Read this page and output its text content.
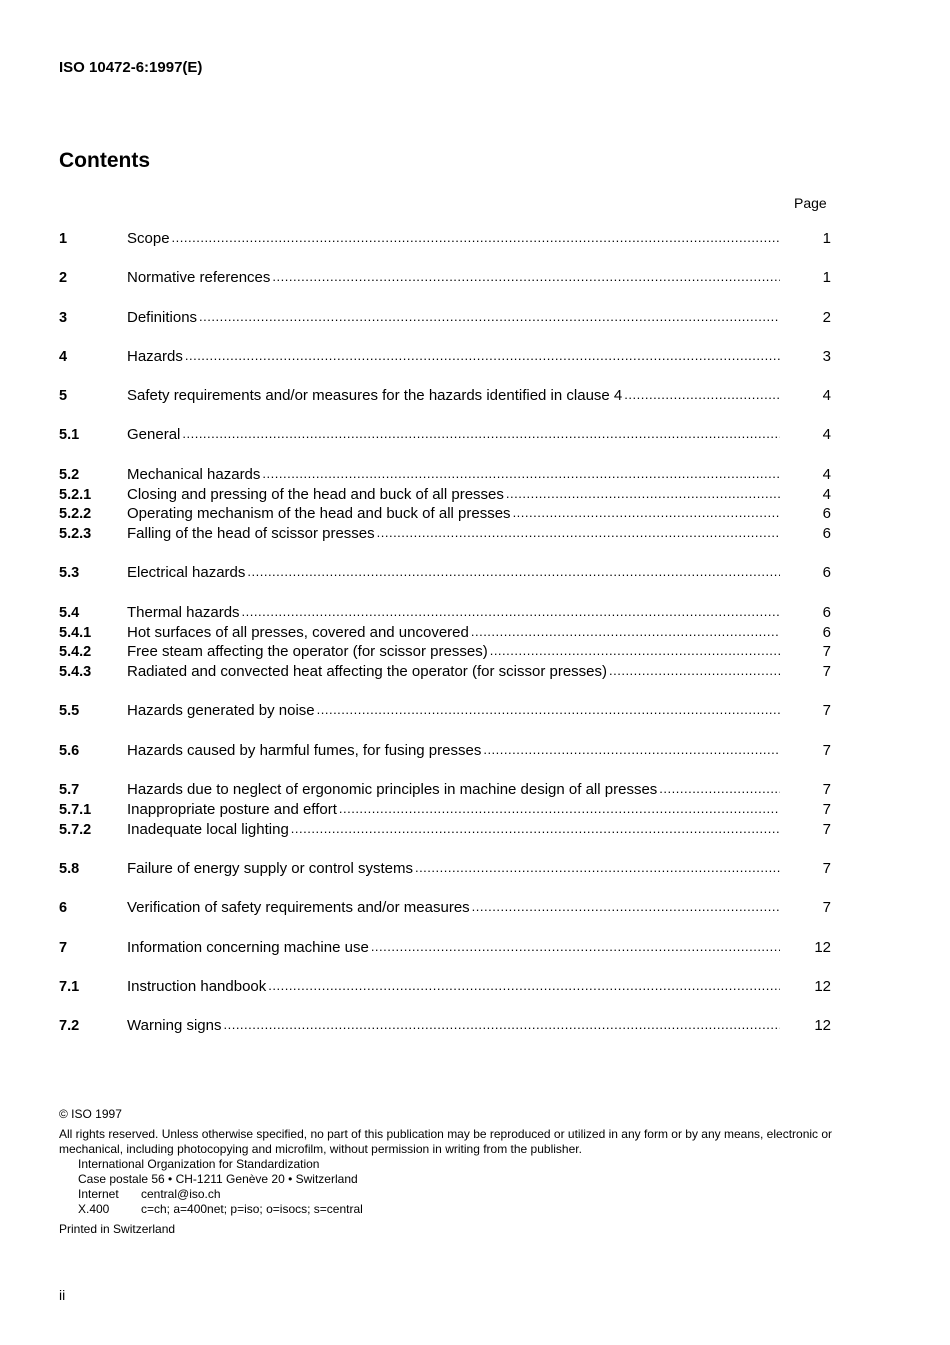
ISO 10472-6:1997(E)
Contents
Page
1	Scope .....	1
2	Normative references .....	1
3	Definitions .....	2
4	Hazards .....	3
5	Safety requirements and/or measures for the hazards identified in clause 4 .....	4
5.1	General .....	4
5.2	Mechanical hazards .....	4
5.2.1	Closing and pressing of the head and buck of all presses .....	4
5.2.2	Operating mechanism of the head and buck of all presses .....	6
5.2.3	Falling of the head of scissor presses .....	6
5.3	Electrical hazards .....	6
5.4	Thermal hazards .....	6
5.4.1	Hot surfaces of all presses, covered and uncovered .....	6
5.4.2	Free steam affecting the operator (for scissor presses) .....	7
5.4.3	Radiated and convected heat affecting the operator (for scissor presses) .....	7
5.5	Hazards generated by noise .....	7
5.6	Hazards caused by harmful fumes, for fusing presses .....	7
5.7	Hazards due to neglect of ergonomic principles in machine design of all presses .....	7
5.7.1	Inappropriate posture and effort .....	7
5.7.2	Inadequate local lighting .....	7
5.8	Failure of energy supply or control systems .....	7
6	Verification of safety requirements and/or measures .....	7
7	Information concerning machine use .....	12
7.1	Instruction handbook .....	12
7.2	Warning signs .....	12

© ISO 1997

All rights reserved. Unless otherwise specified, no part of this publication may be reproduced or utilized in any form or by any means, electronic or mechanical, including photocopying and microfilm, without permission in writing from the publisher.

International Organization for Standardization

Case postale 56 • CH-1211 Genève 20 • Switzerland

Internet	central@iso.ch
X.400	c=ch; a=400net; p=iso; o=isocs; s=central

Printed in Switzerland

ii
